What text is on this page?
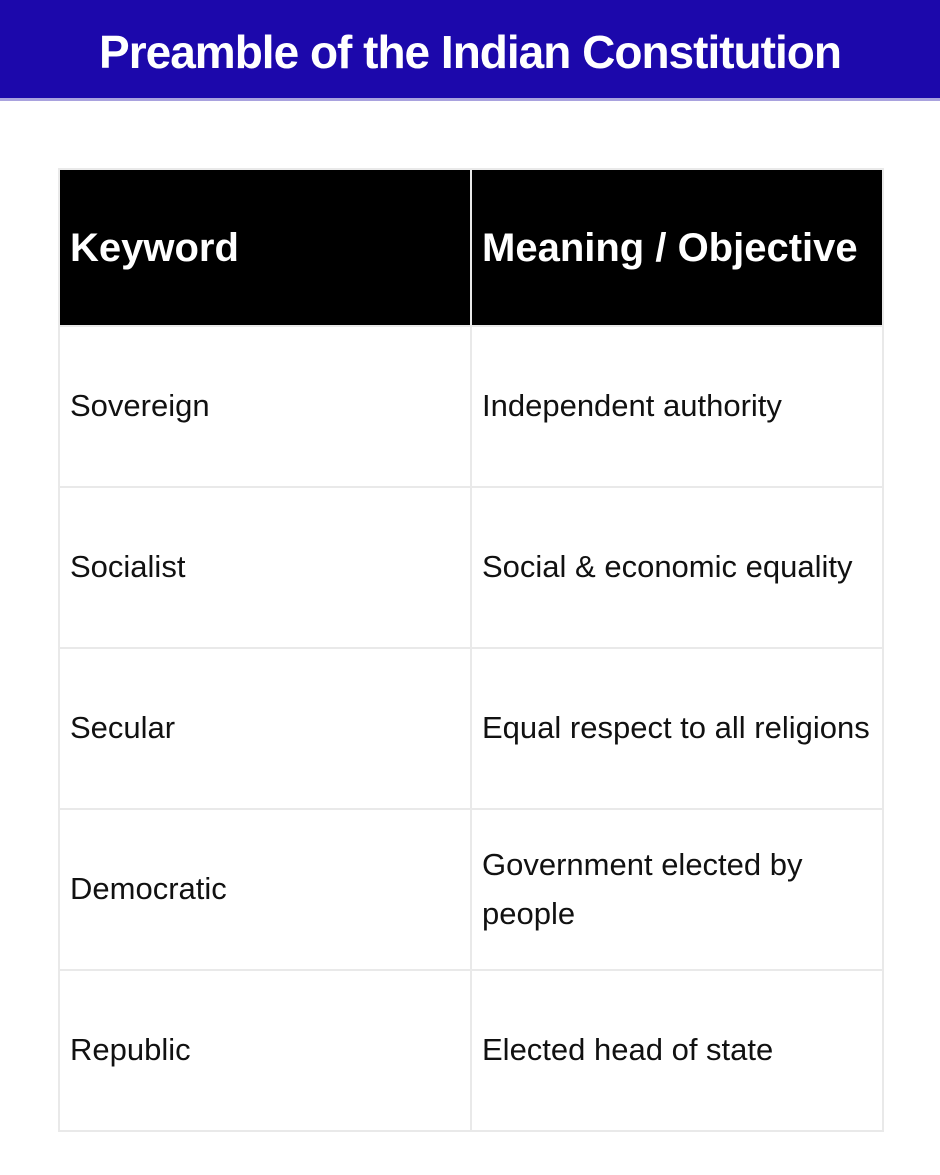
Preamble of the Indian Constitution
Keyword	Meaning / Objective
Sovereign	Independent authority
Socialist	Social & economic equality
Secular	Equal respect to all religions
Democratic	Government elected by people
Republic	Elected head of state
